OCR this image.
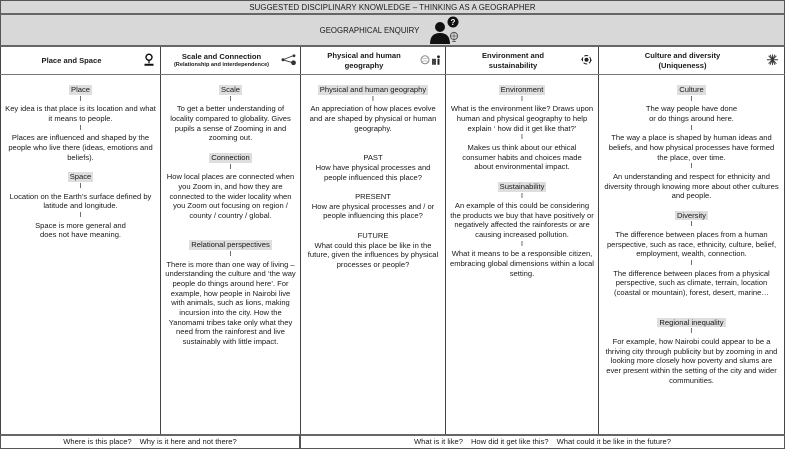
SUGGESTED DISCIPLINARY KNOWLEDGE – THINKING AS A GEOGRAPHER
GEOGRAPHICAL ENQUIRY
?
Place and Space	Scale and Connection
(Relationship and interdependence)
Physical and human geography
Environment and sustainability
Culture and diversity
(Uniqueness)
Place
I
Key idea is that place is its location and what it means to people.
I
Places are influenced and shaped by the people who live there (ideas, emotions and beliefs).
Space
I
Location on the Earth’s surface defined by latitude and longitude.
I
Space is more general and does not have meaning.
Scale
I
To get a better understanding of locality compared to globality. Gives pupils a sense of Zooming in and zooming out.
Connection
I
How local places are connected when you Zoom in, and how they are connected to the wider locality when you Zoom out focusing on region / county / country / global.
Relational perspectives
I
There is more than one way of living – understanding the culture and ‘the way people do things around here’. For example, how people in Nairobi live with animals, such as lions, making incursion into the city. How the Yanomami tribes take only what they need from the rainforest and live sustainably with little impact.
Physical and human geography
I
An appreciation of how places evolve and are shaped by physical or human geography.
PAST
How have physical processes and people influenced this place?
PRESENT
How are physical processes and / or people influencing this place?
FUTURE
What could this place be like in the future, given the influences by physical processes or people?
Environment
I
What is the environment like? Draws upon human and physical geography to help explain ‘ how did it get like that?’
I
Makes us think about our ethical consumer habits and choices made about environmental impact.
Sustainability
I
An example of this could be considering the products we buy that have positively or negatively affected the rainforests or are causing increased pollution.
I
What it means to be a responsible citizen, embracing global dimensions within a local setting.
Culture
I
The way people have done or do things around here.
I
The way a place is shaped by human ideas and beliefs, and how physical processes have formed the place, over time.
I
An understanding and respect for ethnicity and diversity through knowing more about other cultures and people.
Diversity
I
The difference between places from a human perspective, such as race, ethnicity, culture, belief, employment, wealth, connection.
I
The difference between places from a physical perspective, such as climate, terrain, location (coastal or mountain), forest, desert, marine…
Regional inequality
I
For example, how Nairobi could appear to be a thriving city through publicity but by zooming in and looking more closely how poverty and slums are ever present within the setting of the city and wider communities.
Where is this place? Why is it here and not there?	What is it like? How did it get like this? What could it be like in the future?
